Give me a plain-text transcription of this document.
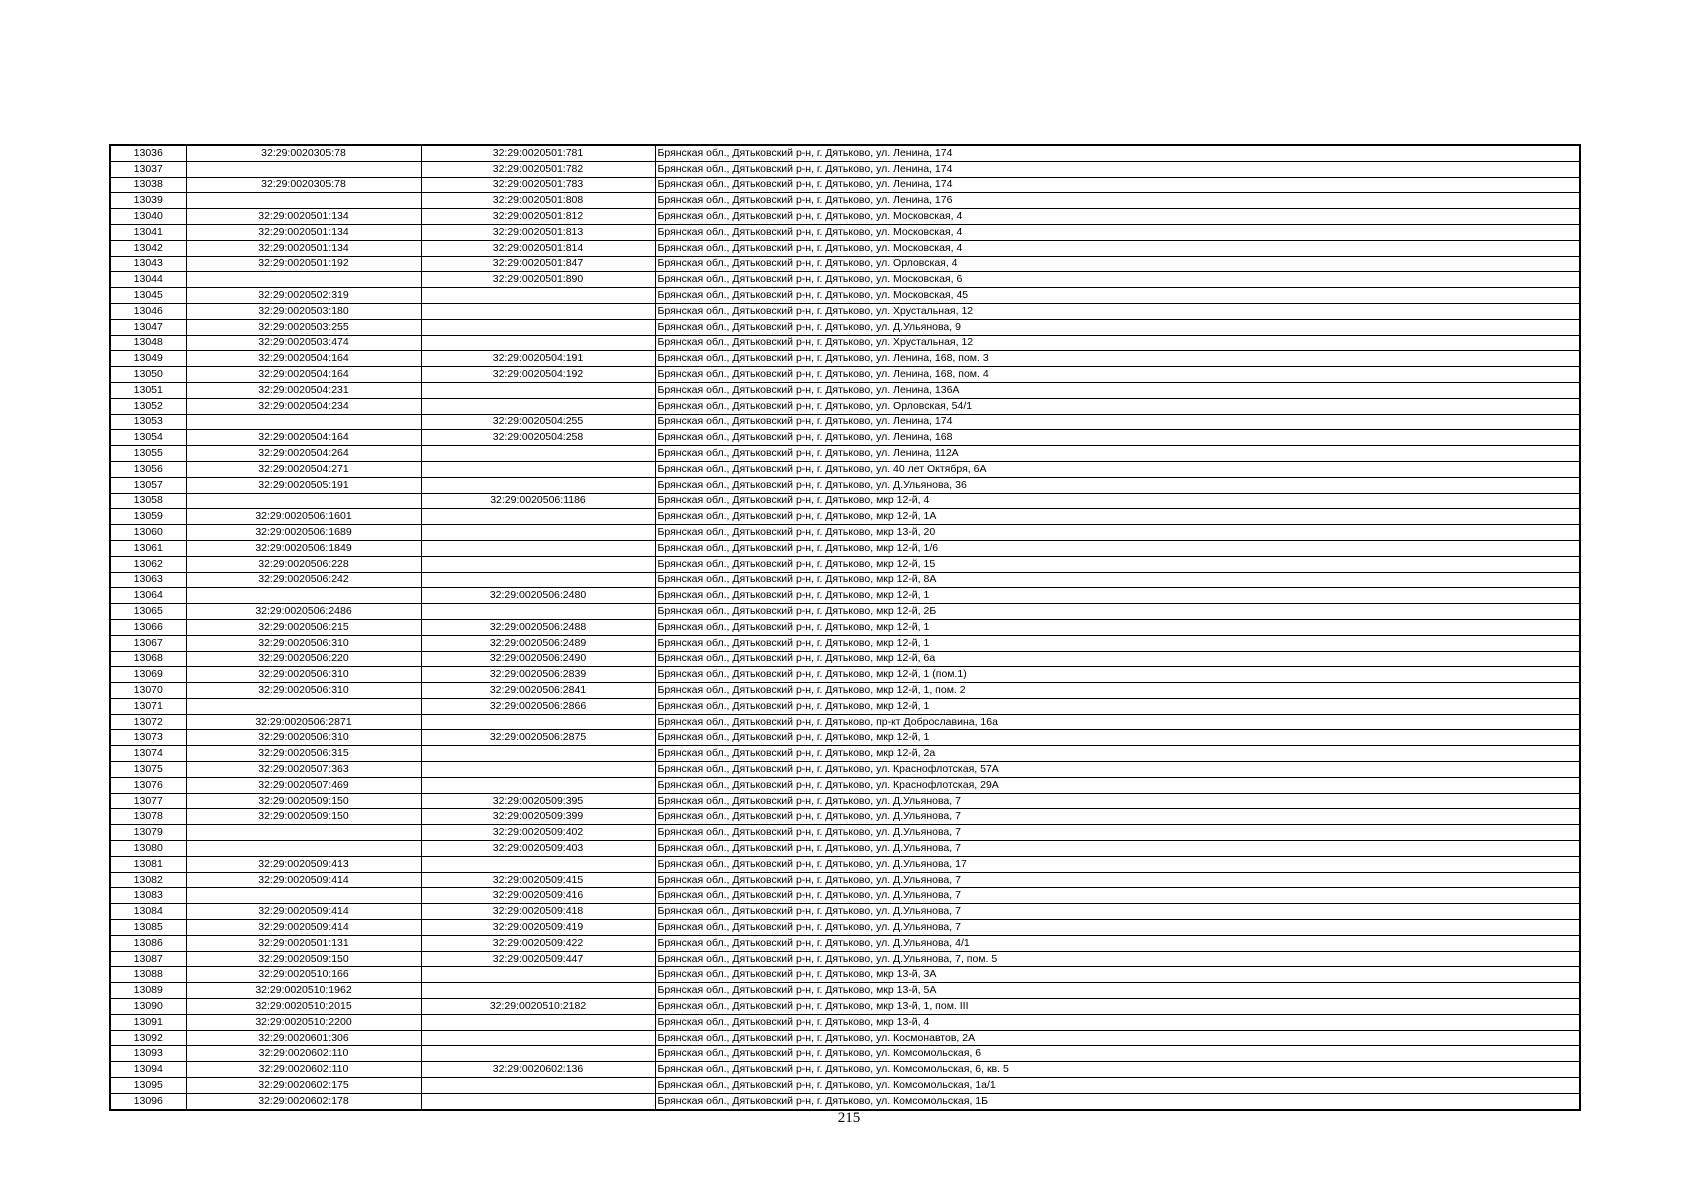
13036	32:29:0020305:78	32:29:0020501:781	Брянская обл., Дятьковский р-н, г. Дятьково, ул. Ленина, 174
13037		32:29:0020501:782	Брянская обл., Дятьковский р-н, г. Дятьково, ул. Ленина, 174
13038	32:29:0020305:78	32:29:0020501:783	Брянская обл., Дятьковский р-н, г. Дятьково, ул. Ленина, 174
13039		32:29:0020501:808	Брянская обл., Дятьковский р-н, г. Дятьково, ул. Ленина, 176
13040	32:29:0020501:134	32:29:0020501:812	Брянская обл., Дятьковский р-н, г. Дятьково, ул. Московская, 4
13041	32:29:0020501:134	32:29:0020501:813	Брянская обл., Дятьковский р-н, г. Дятьково, ул. Московская, 4
13042	32:29:0020501:134	32:29:0020501:814	Брянская обл., Дятьковский р-н, г. Дятьково, ул. Московская, 4
13043	32:29:0020501:192	32:29:0020501:847	Брянская обл., Дятьковский р-н, г. Дятьково, ул. Орловская, 4
13044		32:29:0020501:890	Брянская обл., Дятьковский р-н, г. Дятьково, ул. Московская, 6
13045	32:29:0020502:319		Брянская обл., Дятьковский р-н, г. Дятьково, ул. Московская, 45
13046	32:29:0020503:180		Брянская обл., Дятьковский р-н, г. Дятьково, ул. Хрустальная, 12
13047	32:29:0020503:255		Брянская обл., Дятьковский р-н, г. Дятьково, ул. Д.Ульянова, 9
13048	32:29:0020503:474		Брянская обл., Дятьковский р-н, г. Дятьково, ул. Хрустальная, 12
13049	32:29:0020504:164	32:29:0020504:191	Брянская обл., Дятьковский р-н, г. Дятьково, ул. Ленина, 168, пом. 3
13050	32:29:0020504:164	32:29:0020504:192	Брянская обл., Дятьковский р-н, г. Дятьково, ул. Ленина, 168, пом. 4
13051	32:29:0020504:231		Брянская обл., Дятьковский р-н, г. Дятьково, ул. Ленина, 136А
13052	32:29:0020504:234		Брянская обл., Дятьковский р-н, г. Дятьково, ул. Орловская, 54/1
13053		32:29:0020504:255	Брянская обл., Дятьковский р-н, г. Дятьково, ул. Ленина, 174
13054	32:29:0020504:164	32:29:0020504:258	Брянская обл., Дятьковский р-н, г. Дятьково, ул. Ленина, 168
13055	32:29:0020504:264		Брянская обл., Дятьковский р-н, г. Дятьково, ул. Ленина, 112А
13056	32:29:0020504:271		Брянская обл., Дятьковский р-н, г. Дятьково, ул. 40 лет Октября, 6А
13057	32:29:0020505:191		Брянская обл., Дятьковский р-н, г. Дятьково, ул. Д.Ульянова, 36
13058		32:29:0020506:1186	Брянская обл., Дятьковский р-н, г. Дятьково, мкр 12-й, 4
13059	32:29:0020506:1601		Брянская обл., Дятьковский р-н, г. Дятьково, мкр 12-й, 1А
13060	32:29:0020506:1689		Брянская обл., Дятьковский р-н, г. Дятьково, мкр 13-й, 20
13061	32:29:0020506:1849		Брянская обл., Дятьковский р-н, г. Дятьково, мкр 12-й, 1/6
13062	32:29:0020506:228		Брянская обл., Дятьковский р-н, г. Дятьково, мкр 12-й, 15
13063	32:29:0020506:242		Брянская обл., Дятьковский р-н, г. Дятьково, мкр 12-й, 8А
13064		32:29:0020506:2480	Брянская обл., Дятьковский р-н, г. Дятьково, мкр 12-й, 1
13065	32:29:0020506:2486		Брянская обл., Дятьковский р-н, г. Дятьково, мкр 12-й, 2Б
13066	32:29:0020506:215	32:29:0020506:2488	Брянская обл., Дятьковский р-н, г. Дятьково, мкр 12-й, 1
13067	32:29:0020506:310	32:29:0020506:2489	Брянская обл., Дятьковский р-н, г. Дятьково, мкр 12-й, 1
13068	32:29:0020506:220	32:29:0020506:2490	Брянская обл., Дятьковский р-н, г. Дятьково, мкр 12-й, 6а
13069	32:29:0020506:310	32:29:0020506:2839	Брянская обл., Дятьковский р-н, г. Дятьково, мкр 12-й, 1 (пом.1)
13070	32:29:0020506:310	32:29:0020506:2841	Брянская обл., Дятьковский р-н, г. Дятьково, мкр 12-й, 1, пом. 2
13071		32:29:0020506:2866	Брянская обл., Дятьковский р-н, г. Дятьково, мкр 12-й, 1
13072	32:29:0020506:2871		Брянская обл., Дятьковский р-н, г. Дятьково, пр-кт Доброславина, 16а
13073	32:29:0020506:310	32:29:0020506:2875	Брянская обл., Дятьковский р-н, г. Дятьково, мкр 12-й, 1
13074	32:29:0020506:315		Брянская обл., Дятьковский р-н, г. Дятьково, мкр 12-й, 2а
13075	32:29:0020507:363		Брянская обл., Дятьковский р-н, г. Дятьково, ул. Краснофлотская, 57А
13076	32:29:0020507:469		Брянская обл., Дятьковский р-н, г. Дятьково, ул. Краснофлотская, 29А
13077	32:29:0020509:150	32:29:0020509:395	Брянская обл., Дятьковский р-н, г. Дятьково, ул. Д.Ульянова, 7
13078	32:29:0020509:150	32:29:0020509:399	Брянская обл., Дятьковский р-н, г. Дятьково, ул. Д.Ульянова, 7
13079		32:29:0020509:402	Брянская обл., Дятьковский р-н, г. Дятьково, ул. Д.Ульянова, 7
13080		32:29:0020509:403	Брянская обл., Дятьковский р-н, г. Дятьково, ул. Д.Ульянова, 7
13081	32:29:0020509:413		Брянская обл., Дятьковский р-н, г. Дятьково, ул. Д.Ульянова, 17
13082	32:29:0020509:414	32:29:0020509:415	Брянская обл., Дятьковский р-н, г. Дятьково, ул. Д.Ульянова, 7
13083		32:29:0020509:416	Брянская обл., Дятьковский р-н, г. Дятьково, ул. Д.Ульянова, 7
13084	32:29:0020509:414	32:29:0020509:418	Брянская обл., Дятьковский р-н, г. Дятьково, ул. Д.Ульянова, 7
13085	32:29:0020509:414	32:29:0020509:419	Брянская обл., Дятьковский р-н, г. Дятьково, ул. Д.Ульянова, 7
13086	32:29:0020501:131	32:29:0020509:422	Брянская обл., Дятьковский р-н, г. Дятьково, ул. Д.Ульянова, 4/1
13087	32:29:0020509:150	32:29:0020509:447	Брянская обл., Дятьковский р-н, г. Дятьково, ул. Д.Ульянова, 7, пом. 5
13088	32:29:0020510:166		Брянская обл., Дятьковский р-н, г. Дятьково, мкр 13-й, 3А
13089	32:29:0020510:1962		Брянская обл., Дятьковский р-н, г. Дятьково, мкр 13-й, 5А
13090	32:29:0020510:2015	32:29:0020510:2182	Брянская обл., Дятьковский р-н, г. Дятьково, мкр 13-й, 1, пом. III
13091	32:29:0020510:2200		Брянская обл., Дятьковский р-н, г. Дятьково, мкр 13-й, 4
13092	32:29:0020601:306		Брянская обл., Дятьковский р-н, г. Дятьково, ул. Космонавтов, 2А
13093	32:29:0020602:110		Брянская обл., Дятьковский р-н, г. Дятьково, ул. Комсомольская, 6
13094	32:29:0020602:110	32:29:0020602:136	Брянская обл., Дятьковский р-н, г. Дятьково, ул. Комсомольская, 6, кв. 5
13095	32:29:0020602:175		Брянская обл., Дятьковский р-н, г. Дятьково, ул. Комсомольская, 1а/1
13096	32:29:0020602:178		Брянская обл., Дятьковский р-н, г. Дятьково, ул. Комсомольская, 1Б
215
